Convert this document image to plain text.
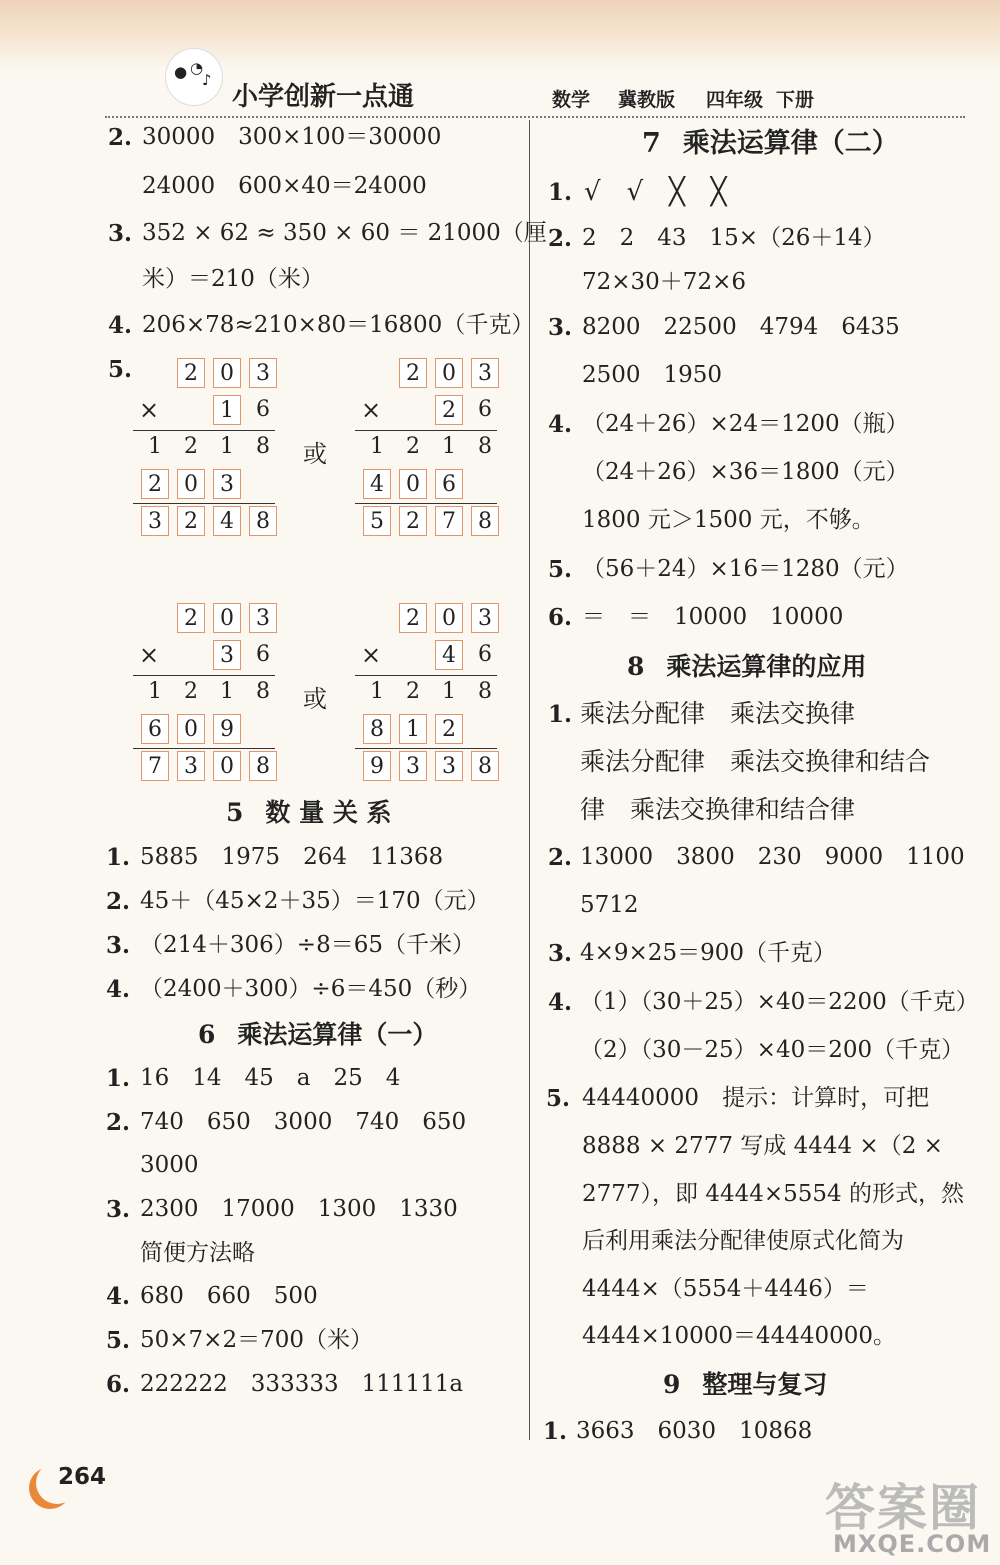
● ◔
♪
小学创新一点通	数学 冀教版 四年级 下册
2. 30000　300×100＝30000
24000　600×40＝24000
3. 352 × 62 ≈ 350 × 60 ＝ 21000（厘
米）＝210（米）
4. 206×78≈210×80＝16800（千克）
5.	2	0	3
×	1	6
1	2	1	8
2	0	3
3	2	4	8
2	0	3
×	2	6
1	2	1	8
4	0	6
5	2	7	8
2	0	3
×	3	6
1	2	1	8
6	0	9
7	3	0	8
2	0	3
×	4	6
1	2	1	8
8	1	2
9	3	3	8
或
或
5 数 量 关 系
1. 5885　1975　264　11368
2. 45＋（45×2＋35）＝170（元）
3. （214＋306）÷8＝65（千米）
4. （2400＋300）÷6＝450（秒）
6 乘法运算律（一）
1. 16　14　45　a　25　4
2. 740　650　3000　740　650
3000
3. 2300　17000　1300　1330
简便方法略
4. 680　660　500
5. 50×7×2＝700（米）
6. 222222　333333　111111a
7 乘法运算律（二）
1. √　√　╳　╳
2. 2　2　43　15×（26＋14）
72×30＋72×6
3. 8200　22500　4794　6435
2500　1950
4. （24＋26）×24＝1200（瓶）
（24＋26）×36＝1800（元）
1800 元＞1500 元，不够。
5. （56＋24）×16＝1280（元）
6. ＝　＝　10000　10000
8 乘法运算律的应用
1. 乘法分配律　乘法交换律
乘法分配律　乘法交换律和结合
律　乘法交换律和结合律
2. 13000　3800　230　9000　1100
5712
3. 4×9×25＝900（千克）
4. （1）（30＋25）×40＝2200（千克）
（2）（30－25）×40＝200（千克）
5. 44440000　提示：计算时，可把
8888 × 2777 写成 4444 ×（2 ×
2777），即 4444×5554 的形式，然
后利用乘法分配律使原式化简为
4444×（5554＋4446）＝
4444×10000＝44440000。
9 整理与复习
1. 3663　6030　10868
264
答案圈
MXQE.COM
